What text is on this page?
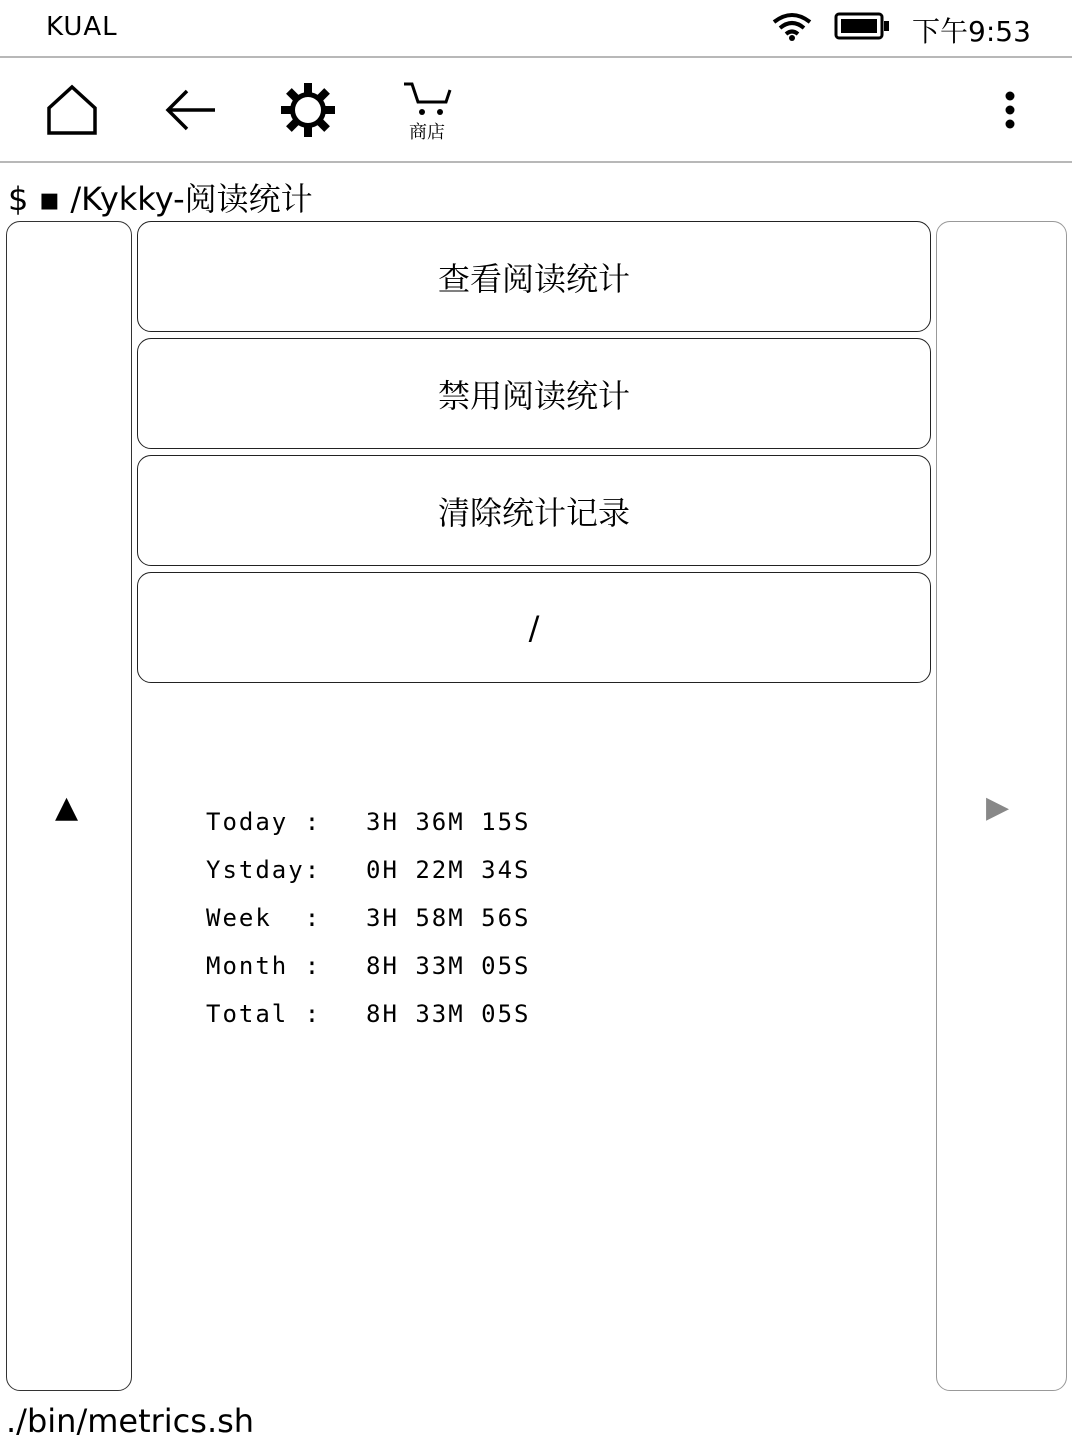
KUAL	下午9:53
商店
$ ▪ /Kykky-阅读统计
▲	▶
查看阅读统计
禁用阅读统计
清除统计记录
/
Today :	3H 36M 15S
Ystday:	0H 22M 34S
Week  :	3H 58M 56S
Month :	8H 33M 05S
Total :	8H 33M 05S
./bin/metrics.sh
